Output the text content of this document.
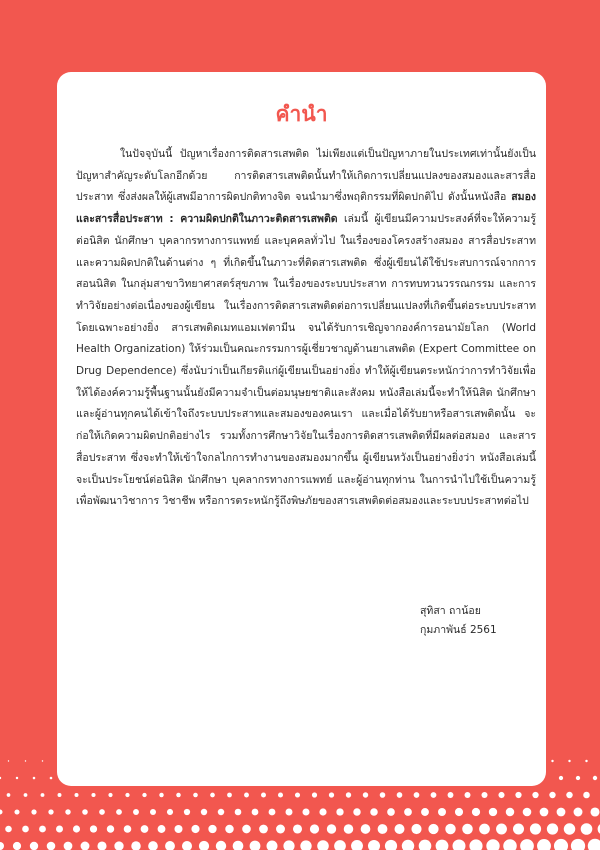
คำนำ

ในปัจจุบันนี้ ปัญหาเรื่องการติดสารเสพติด ไม่เพียงแต่เป็นปัญหาภายในประเทศเท่านั้นยังเป็นปัญหาสำคัญระดับโลกอีกด้วย การติดสารเสพติดนั้นทำให้เกิดการเปลี่ยนแปลงของสมองและสารสื่อประสาท ซึ่งส่งผลให้ผู้เสพมีอาการผิดปกติทางจิต จนนำมาซึ่งพฤติกรรมที่ผิดปกติไป ดังนั้นหนังสือ สมองและสารสื่อประสาท : ความผิดปกติในภาวะติดสารเสพติด เล่มนี้ ผู้เขียนมีความประสงค์ที่จะให้ความรู้ต่อนิสิต นักศึกษา บุคลากรทางการแพทย์ และบุคคลทั่วไป ในเรื่องของโครงสร้างสมอง สารสื่อประสาท และความผิดปกติในด้านต่าง ๆ ที่เกิดขึ้นในภาวะที่ติดสารเสพติด ซึ่งผู้เขียนได้ใช้ประสบการณ์จากการสอนนิสิต ในกลุ่มสาขาวิทยาศาสตร์สุขภาพ ในเรื่องของระบบประสาท การทบทวนวรรณกรรม และการทำวิจัยอย่างต่อเนื่องของผู้เขียน ในเรื่องการติดสารเสพติดต่อการเปลี่ยนแปลงที่เกิดขึ้นต่อระบบประสาท โดยเฉพาะอย่างยิ่ง สารเสพติดเมทแอมเฟตามีน จนได้รับการเชิญจากองค์การอนามัยโลก (World Health Organization) ให้ร่วมเป็นคณะกรรมการผู้เชี่ยวชาญด้านยาเสพติด (Expert Committee on Drug Dependence) ซึ่งนับว่าเป็นเกียรติแก่ผู้เขียนเป็นอย่างยิ่ง ทำให้ผู้เขียนตระหนักว่าการทำวิจัยเพื่อให้ได้องค์ความรู้พื้นฐานนั้นยังมีความจำเป็นต่อมนุษยชาติและสังคม หนังสือเล่มนี้จะทำให้นิสิต นักศึกษา และผู้อ่านทุกคนได้เข้าใจถึงระบบประสาทและสมองของคนเรา และเมื่อได้รับยาหรือสารเสพติดนั้น จะก่อให้เกิดความผิดปกติอย่างไร รวมทั้งการศึกษาวิจัยในเรื่องการติดสารเสพติดที่มีผลต่อสมอง และสารสื่อประสาท ซึ่งจะทำให้เข้าใจกลไกการทำงานของสมองมากขึ้น ผู้เขียนหวังเป็นอย่างยิ่งว่า หนังสือเล่มนี้จะเป็นประโยชน์ต่อนิสิต นักศึกษา บุคลากรทางการแพทย์ และผู้อ่านทุกท่าน ในการนำไปใช้เป็นความรู้เพื่อพัฒนาวิชาการ วิชาชีพ หรือการตระหนักรู้ถึงพิษภัยของสารเสพติดต่อสมองและระบบประสาทต่อไป

สุทิสา ถาน้อย
กุมภาพันธ์ 2561
